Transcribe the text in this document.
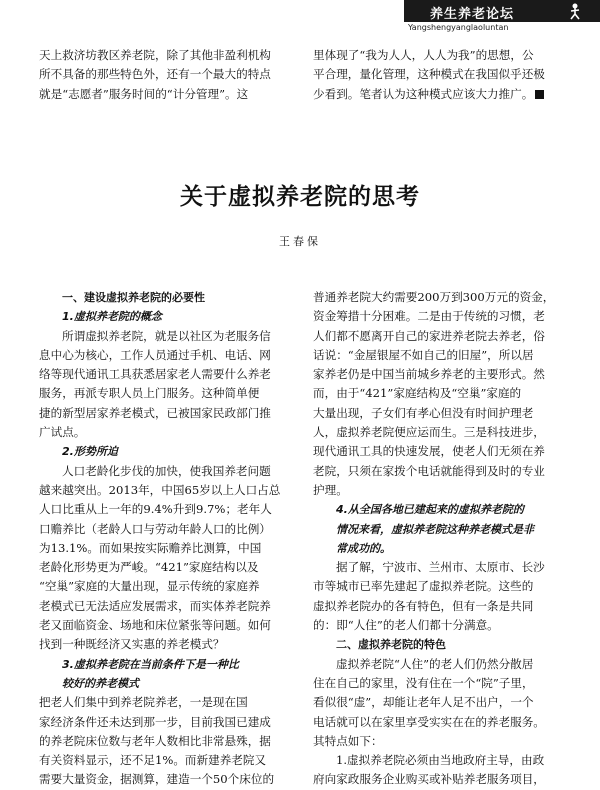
养生养老论坛
Yangshengyanglaoluntan

天上救济坊教区养老院，除了其他非盈利机构

所不具备的那些特色外，还有一个最大的特点

就是“志愿者”服务时间的“计分管理”。这

里体现了“我为人人，人人为我”的思想，公

平合理，量化管理，这种模式在我国似乎还极

少看到。笔者认为这种模式应该大力推广。

关于虚拟养老院的思考
王春保

一、建设虚拟养老院的必要性

1.虚拟养老院的概念

所谓虚拟养老院，就是以社区为老服务信

息中心为核心，工作人员通过手机、电话、网

络等现代通讯工具获悉居家老人需要什么养老

服务，再派专职人员上门服务。这种简单便

捷的新型居家养老模式，已被国家民政部门推

广试点。

2.形势所迫

人口老龄化步伐的加快，使我国养老问题

越来越突出。2013年，中国65岁以上人口占总

人口比重从上一年的9.4%升到9.7%；老年人

口赡养比（老龄人口与劳动年龄人口的比例）

为13.1%。而如果按实际赡养比测算，中国

老龄化形势更为严峻。“421”家庭结构以及

“空巢”家庭的大量出现，显示传统的家庭养

老模式已无法适应发展需求，而实体养老院养

老又面临资金、场地和床位紧张等问题。如何

找到一种既经济又实惠的养老模式？

3.虚拟养老院在当前条件下是一种比

较好的养老模式

把老人们集中到养老院养老，一是现在国

家经济条件还未达到那一步，目前我国已建成

的养老院床位数与老年人数相比非常悬殊，据

有关资料显示，还不足1%。而新建养老院又

需要大量资金，据测算，建造一个50个床位的

普通养老院大约需要200万到300万元的资金，

资金筹措十分困难。二是由于传统的习惯，老

人们都不愿离开自己的家进养老院去养老，俗

话说：“金屋银屋不如自己的旧屋”，所以居

家养老仍是中国当前城乡养老的主要形式。然

而，由于“421”家庭结构及“空巢”家庭的

大量出现，子女们有孝心但没有时间护理老

人，虚拟养老院便应运而生。三是科技进步，

现代通讯工具的快速发展，使老人们无须在养

老院，只须在家拨个电话就能得到及时的专业

护理。

4.从全国各地已建起来的虚拟养老院的

情况来看，虚拟养老院这种养老模式是非

常成功的。

据了解，宁波市、兰州市、太原市、长沙

市等城市已率先建起了虚拟养老院。这些的

虚拟养老院办的各有特色，但有一条是共同

的：即“人住”的老人们都十分满意。

二、虚拟养老院的特色

虚拟养老院“人住”的老人们仍然分散居

住在自己的家里，没有住在一个“院”子里，

看似很“虚”，却能让老年人足不出户，一个

电话就可以在家里享受实实在在的养老服务。

其特点如下：

1.虚拟养老院必须由当地政府主导，由政

府向家政服务企业购买或补贴养老服务项目，
